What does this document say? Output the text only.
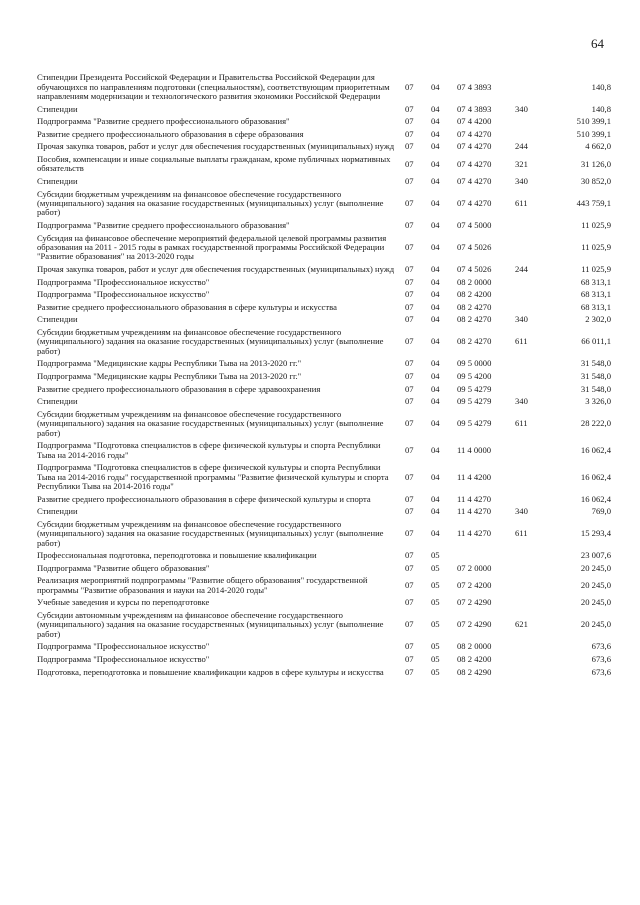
64
Стипендии Президента Российской Федерации и Правительства Российской Федерации для обучающихся по направлениям подготовки (специальностям), соответствующим приоритетным направлениям модернизации и технологического развития экономики Российской Федерации	07	04	07 4 3893		140,8
Стипендии	07	04	07 4 3893	340	140,8
Подпрограмма "Развитие среднего профессионального образования"	07	04	07 4 4200		510 399,1
Развитие среднего профессионального образования в сфере образования	07	04	07 4 4270		510 399,1
Прочая закупка товаров, работ и услуг для обеспечения государственных (муниципальных) нужд	07	04	07 4 4270	244	4 662,0
Пособия, компенсации и иные социальные выплаты гражданам, кроме публичных нормативных обязательств	07	04	07 4 4270	321	31 126,0
Стипендии	07	04	07 4 4270	340	30 852,0
Субсидии бюджетным учреждениям на финансовое обеспечение государственного (муниципального) задания на оказание государственных (муниципальных) услуг (выполнение работ)	07	04	07 4 4270	611	443 759,1
Подпрограмма "Развитие среднего профессионального образования"	07	04	07 4 5000		11 025,9
Субсидия на финансовое обеспечение мероприятий федеральной целевой программы развития образования на 2011 - 2015 годы в рамках государственной программы Российской Федерации "Развитие образования" на 2013-2020 годы	07	04	07 4 5026		11 025,9
Прочая закупка товаров, работ и услуг для обеспечения государственных (муниципальных) нужд	07	04	07 4 5026	244	11 025,9
Подпрограмма "Профессиональное искусство"	07	04	08 2 0000		68 313,1
Подпрограмма "Профессиональное искусство"	07	04	08 2 4200		68 313,1
Развитие среднего профессионального образования в сфере культуры и искусства	07	04	08 2 4270		68 313,1
Стипендии	07	04	08 2 4270	340	2 302,0
Субсидии бюджетным учреждениям на финансовое обеспечение государственного (муниципального) задания на оказание государственных (муниципальных) услуг (выполнение работ)	07	04	08 2 4270	611	66 011,1
Подпрограмма "Медицинские кадры Республики Тыва на 2013-2020 гг."	07	04	09 5 0000		31 548,0
Подпрограмма "Медицинские кадры Республики Тыва на 2013-2020 гг."	07	04	09 5 4200		31 548,0
Развитие среднего профессионального образования в сфере здравоохранения	07	04	09 5 4279		31 548,0
Стипендии	07	04	09 5 4279	340	3 326,0
Субсидии бюджетным учреждениям на финансовое обеспечение государственного (муниципального) задания на оказание государственных (муниципальных) услуг (выполнение работ)	07	04	09 5 4279	611	28 222,0
Подпрограмма "Подготовка специалистов в сфере физической культуры и спорта Республики Тыва на 2014-2016 годы"	07	04	11 4 0000		16 062,4
Подпрограмма "Подготовка специалистов в сфере физической культуры и спорта Республики Тыва на 2014-2016 годы" государственной программы "Развитие физической культуры и спорта Республики Тыва на 2014-2016 годы"	07	04	11 4 4200		16 062,4
Развитие среднего профессионального образования в сфере физической культуры и спорта	07	04	11 4 4270		16 062,4
Стипендии	07	04	11 4 4270	340	769,0
Субсидии бюджетным учреждениям на финансовое обеспечение государственного (муниципального) задания на оказание государственных (муниципальных) услуг (выполнение работ)	07	04	11 4 4270	611	15 293,4
Профессиональная подготовка, переподготовка и повышение квалификации	07	05			23 007,6
Подпрограмма "Развитие общего образования"	07	05	07 2 0000		20 245,0
Реализация мероприятий подпрограммы "Развитие общего образования" государственной программы "Развитие образования и науки на 2014-2020 годы"	07	05	07 2 4200		20 245,0
Учебные заведения и курсы по переподготовке	07	05	07 2 4290		20 245,0
Субсидии автономным учреждениям на финансовое обеспечение государственного (муниципального) задания на оказание государственных (муниципальных) услуг (выполнение работ)	07	05	07 2 4290	621	20 245,0
Подпрограмма "Профессиональное искусство"	07	05	08 2 0000		673,6
Подпрограмма "Профессиональное искусство"	07	05	08 2 4200		673,6
Подготовка, переподготовка и повышение квалификации кадров в сфере культуры и искусства	07	05	08 2 4290		673,6
